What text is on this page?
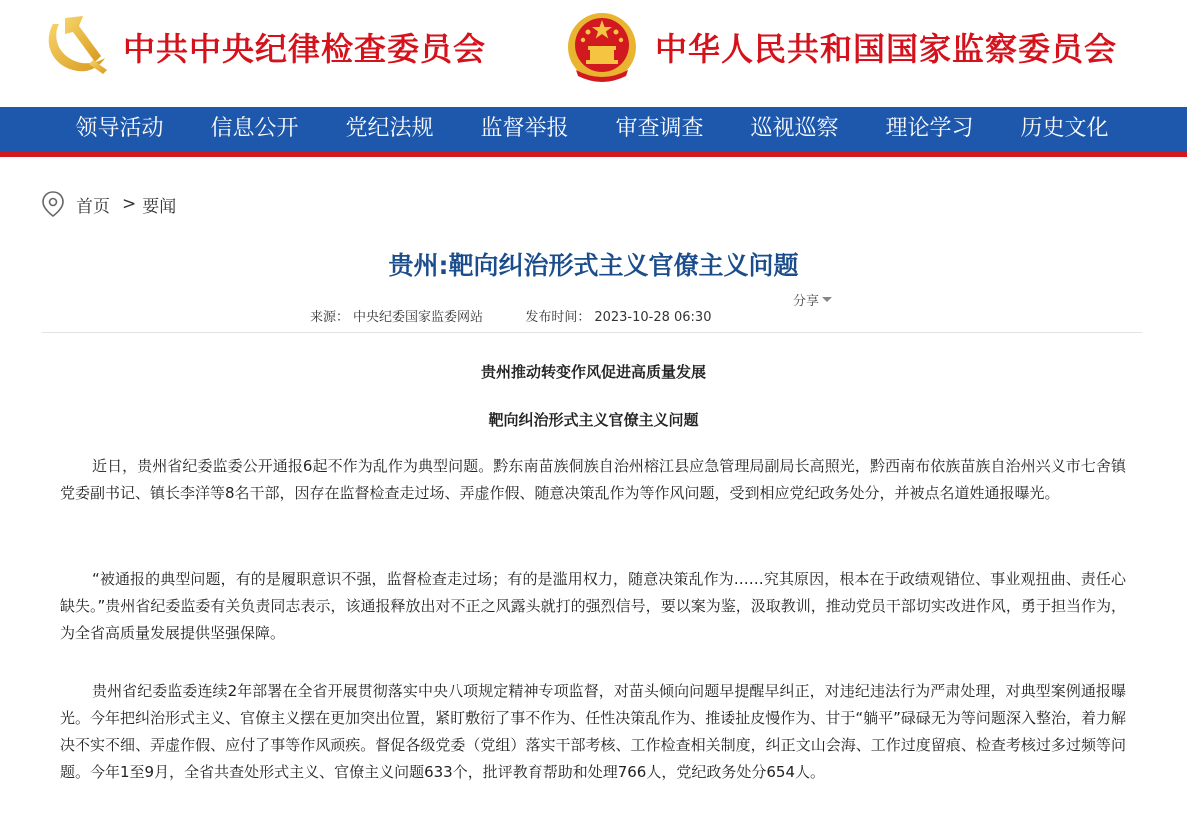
中共中央纪律检查委员会	中华人民共和国国家监察委员会
领导活动	信息公开	党纪法规	监督举报	审查调查	巡视巡察	理论学习	历史文化
首页 > 要闻
贵州:靶向纠治形式主义官僚主义问题
分享
来源： 中央纪委国家监委网站	发布时间： 2023-10-28 06:30
贵州推动转变作风促进高质量发展
靶向纠治形式主义官僚主义问题

近日，贵州省纪委监委公开通报6起不作为乱作为典型问题。黔东南苗族侗族自治州榕江县应急管理局副局长高照光，黔西南布依族苗族自治州兴义市七舍镇党委副书记、镇长李洋等8名干部，因存在监督检查走过场、弄虚作假、随意决策乱作为等作风问题，受到相应党纪政务处分，并被点名道姓通报曝光。

“被通报的典型问题，有的是履职意识不强，监督检查走过场；有的是滥用权力，随意决策乱作为……究其原因，根本在于政绩观错位、事业观扭曲、责任心缺失。”贵州省纪委监委有关负责同志表示，该通报释放出对不正之风露头就打的强烈信号，要以案为鉴，汲取教训，推动党员干部切实改进作风，勇于担当作为，为全省高质量发展提供坚强保障。

贵州省纪委监委连续2年部署在全省开展贯彻落实中央八项规定精神专项监督，对苗头倾向问题早提醒早纠正，对违纪违法行为严肃处理，对典型案例通报曝光。今年把纠治形式主义、官僚主义摆在更加突出位置，紧盯敷衍了事不作为、任性决策乱作为、推诿扯皮慢作为、甘于“躺平”碌碌无为等问题深入整治，着力解决不实不细、弄虚作假、应付了事等作风顽疾。督促各级党委（党组）落实干部考核、工作检查相关制度，纠正文山会海、工作过度留痕、检查考核过多过频等问题。今年1至9月，全省共查处形式主义、官僚主义问题633个，批评教育帮助和处理766人，党纪政务处分654人。
